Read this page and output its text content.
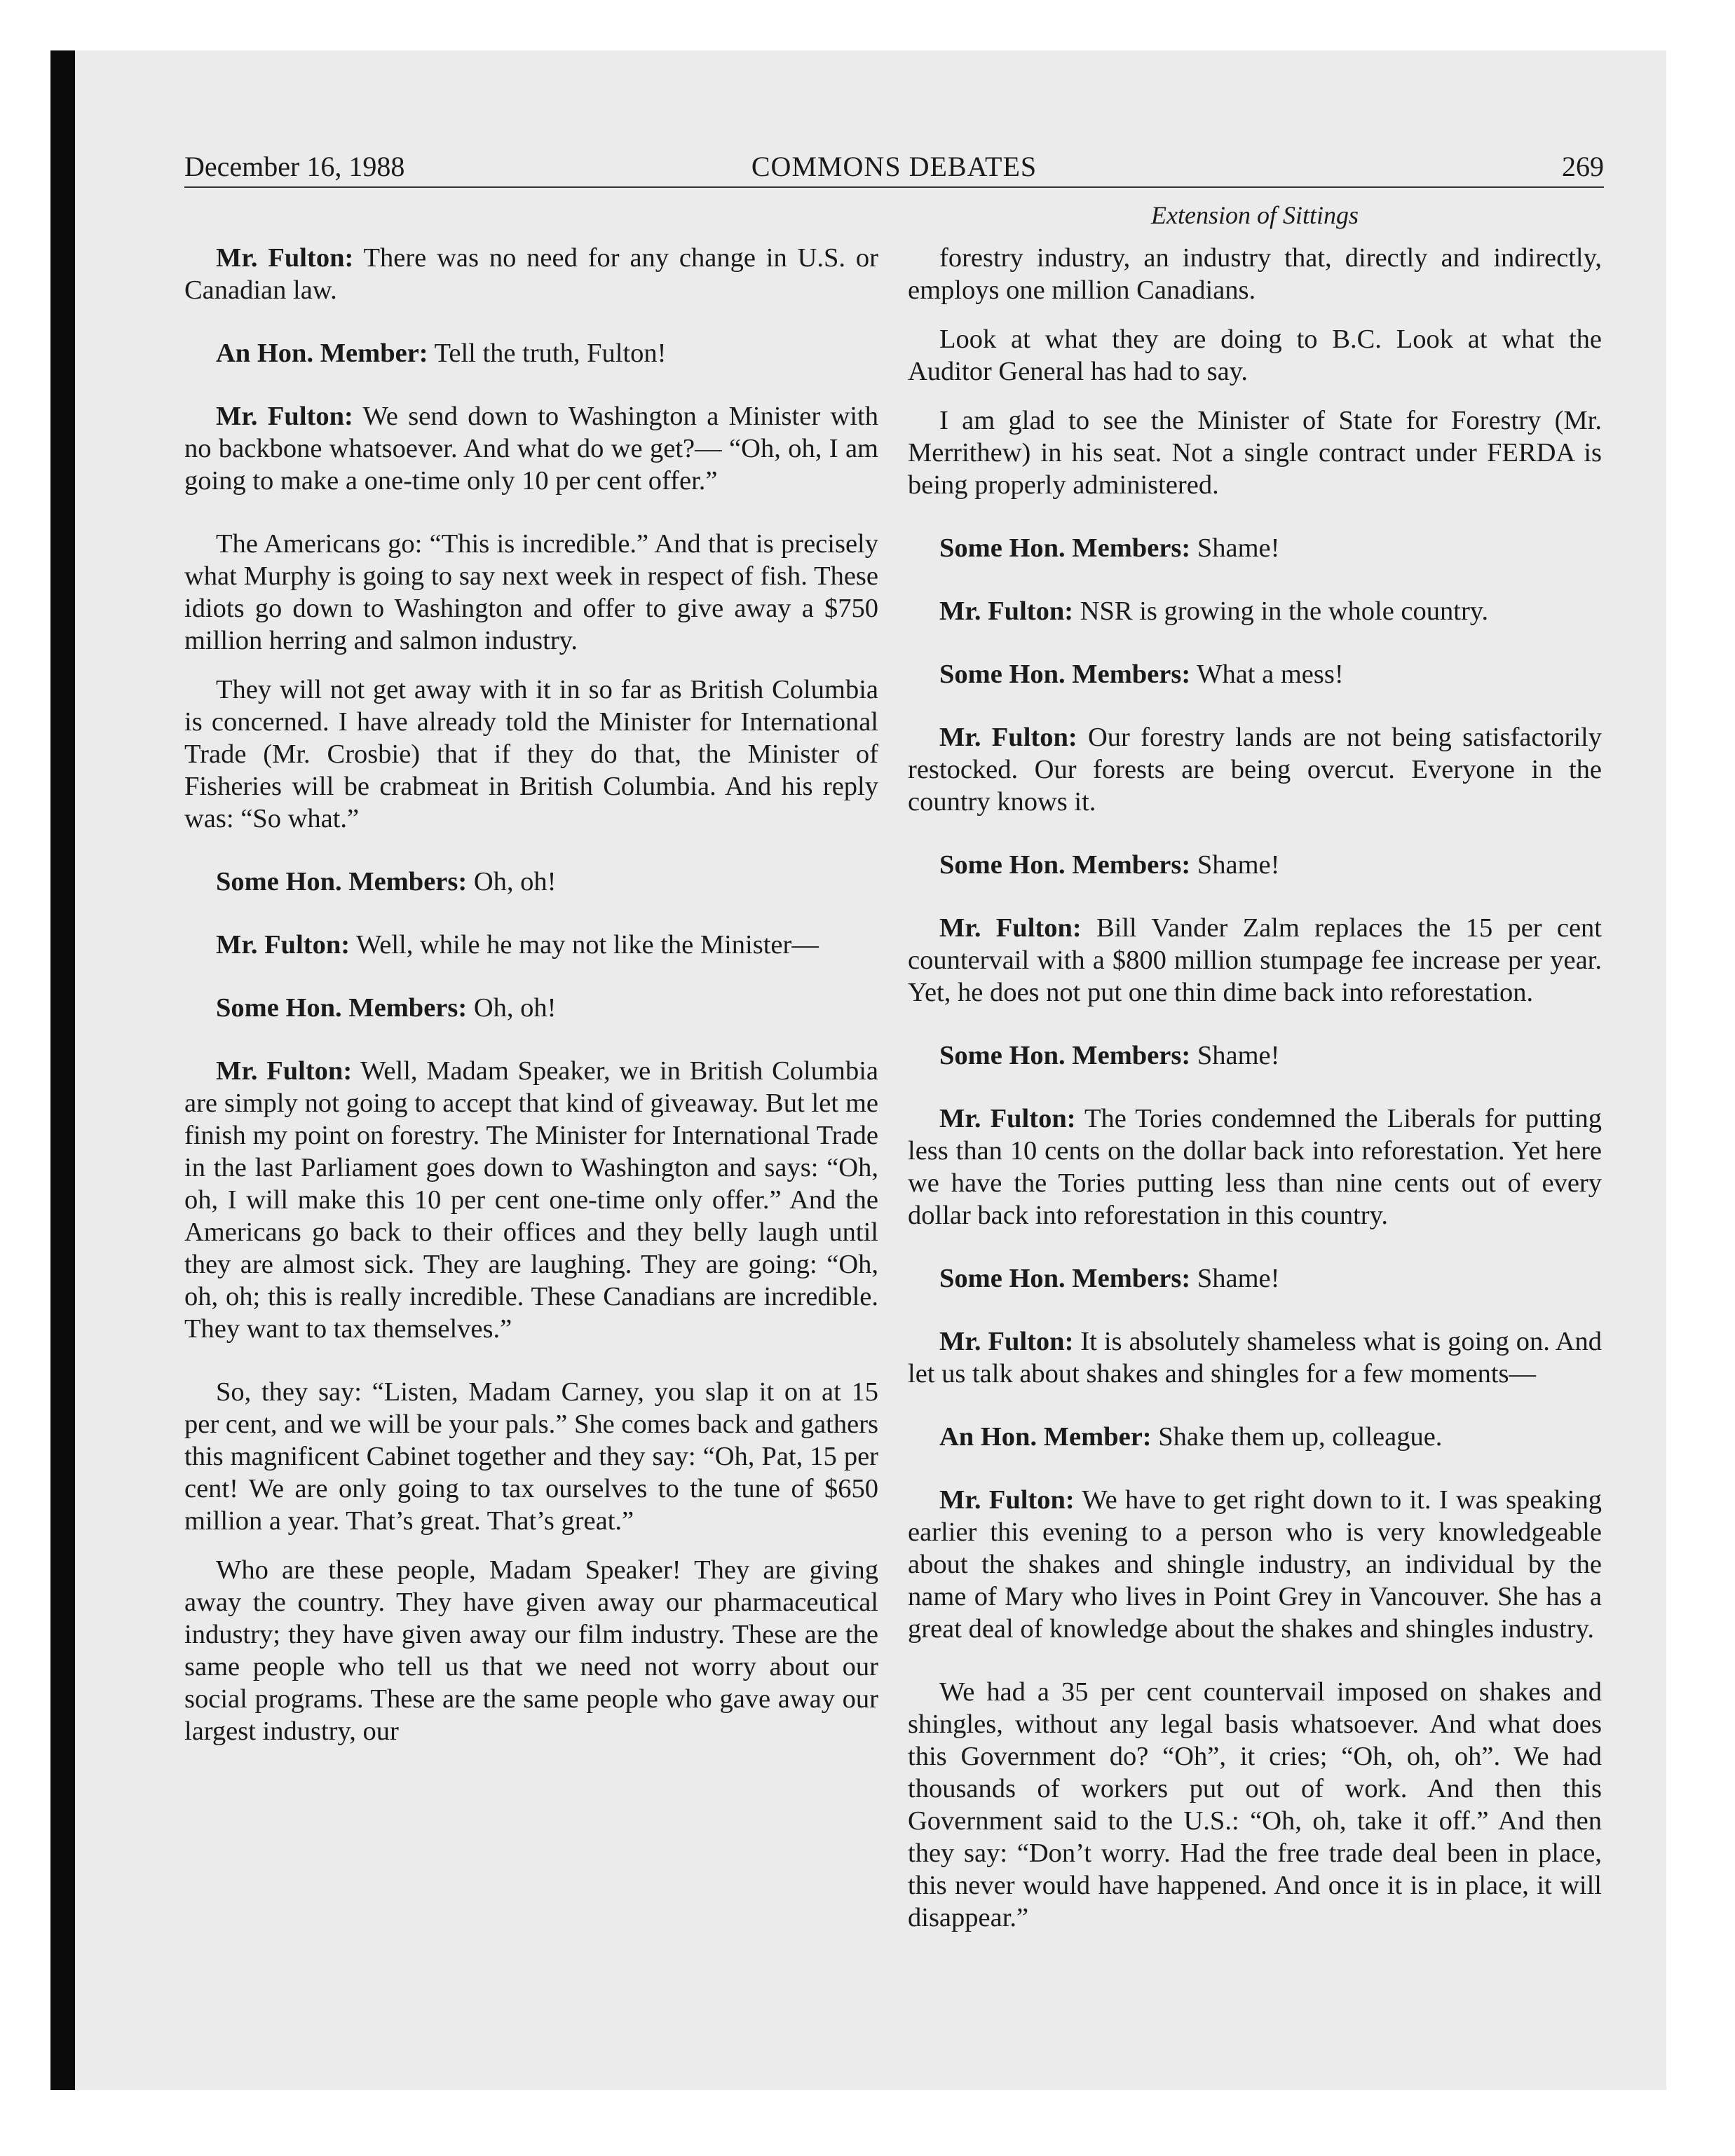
December 16, 1988	COMMONS DEBATES	269
Extension of Sittings

Mr. Fulton: There was no need for any change in U.S. or Canadian law.

An Hon. Member: Tell the truth, Fulton!

Mr. Fulton: We send down to Washington a Minister with no backbone whatsoever. And what do we get?— “Oh, oh, I am going to make a one-time only 10 per cent offer.”

The Americans go: “This is incredible.” And that is precisely what Murphy is going to say next week in respect of fish. These idiots go down to Washington and offer to give away a $750 million herring and salmon industry.

They will not get away with it in so far as British Columbia is concerned. I have already told the Minister for International Trade (Mr. Crosbie) that if they do that, the Minister of Fisheries will be crabmeat in British Columbia. And his reply was: “So what.”

Some Hon. Members: Oh, oh!

Mr. Fulton: Well, while he may not like the Minister—

Some Hon. Members: Oh, oh!

Mr. Fulton: Well, Madam Speaker, we in British Columbia are simply not going to accept that kind of giveaway. But let me finish my point on forestry. The Minister for International Trade in the last Parliament goes down to Washington and says: “Oh, oh, I will make this 10 per cent one-time only offer.” And the Americans go back to their offices and they belly laugh until they are almost sick. They are laughing. They are going: “Oh, oh, oh; this is really incredible. These Canadians are incredible. They want to tax themselves.”

So, they say: “Listen, Madam Carney, you slap it on at 15 per cent, and we will be your pals.” She comes back and gathers this magnificent Cabinet together and they say: “Oh, Pat, 15 per cent! We are only going to tax ourselves to the tune of $650 million a year. That’s great. That’s great.”

Who are these people, Madam Speaker! They are giving away the country. They have given away our pharmaceutical industry; they have given away our film industry. These are the same people who tell us that we need not worry about our social programs. These are the same people who gave away our largest industry, our

forestry industry, an industry that, directly and indirectly, employs one million Canadians.

Look at what they are doing to B.C. Look at what the Auditor General has had to say.

I am glad to see the Minister of State for Forestry (Mr. Merrithew) in his seat. Not a single contract under FERDA is being properly administered.

Some Hon. Members: Shame!

Mr. Fulton: NSR is growing in the whole country.

Some Hon. Members: What a mess!

Mr. Fulton: Our forestry lands are not being satisfactorily restocked. Our forests are being overcut. Everyone in the country knows it.

Some Hon. Members: Shame!

Mr. Fulton: Bill Vander Zalm replaces the 15 per cent countervail with a $800 million stumpage fee increase per year. Yet, he does not put one thin dime back into reforestation.

Some Hon. Members: Shame!

Mr. Fulton: The Tories condemned the Liberals for putting less than 10 cents on the dollar back into reforestation. Yet here we have the Tories putting less than nine cents out of every dollar back into reforestation in this country.

Some Hon. Members: Shame!

Mr. Fulton: It is absolutely shameless what is going on. And let us talk about shakes and shingles for a few moments—

An Hon. Member: Shake them up, colleague.

Mr. Fulton: We have to get right down to it. I was speaking earlier this evening to a person who is very knowledgeable about the shakes and shingle industry, an individual by the name of Mary who lives in Point Grey in Vancouver. She has a great deal of knowledge about the shakes and shingles industry.

We had a 35 per cent countervail imposed on shakes and shingles, without any legal basis whatsoever. And what does this Government do? “Oh”, it cries; “Oh, oh, oh”. We had thousands of workers put out of work. And then this Government said to the U.S.: “Oh, oh, take it off.” And then they say: “Don’t worry. Had the free trade deal been in place, this never would have happened. And once it is in place, it will disappear.”
